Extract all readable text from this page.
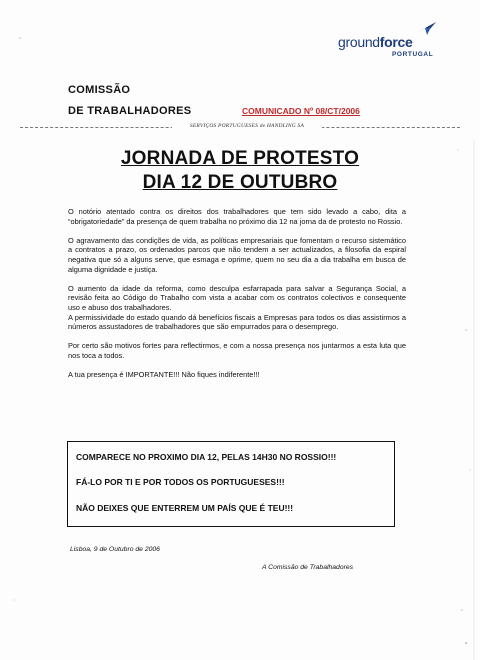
groundforce
PORTUGAL
COMISSÃO
DE TRABALHADORES	COMUNICADO Nº 08/CT/2006
SERVIÇOS PORTUGUESES de HANDLING SA
JORNADA DE PROTESTO
DIA 12 DE OUTUBRO

O notório atentado contra os direitos dos trabalhadores que tem sido levado a cabo, dita a “obrigatoriedade” da presença de quem trabalha no próximo dia 12 na jorna da de protesto no Rossio.

O agravamento das condições de vida, as políticas empresariais que fomentam o recurso sistemático a contratos a prazo, os ordenados parcos que não tendem a ser actualizados, a filosofia da espiral negativa que só a alguns serve, que esmaga e oprime, quem no seu dia a dia trabalha em busca de alguma dignidade e justiça.

O aumento da idade da reforma, como desculpa esfarrapada para salvar a Segurança Social, a revisão feita ao Código do Trabalho com vista a acabar com os contratos colectivos e consequente uso e abuso dos trabalhadores.

A permissividade do estado quando dá benefícios fiscais a Empresas para todos os dias assistirmos a números assustadores de trabalhadores que são empurrados para o desemprego.

Por certo são motivos fortes para reflectirmos, e com a nossa presença nos juntarmos a esta luta que nos toca a todos.

A tua presença é IMPORTANTE!!! Não fiques indiferente!!!

COMPARECE NO PROXIMO DIA 12, PELAS 14H30 NO ROSSIO!!!
FÁ-LO POR TI E POR TODOS OS PORTUGUESES!!!
NÃO DEIXES QUE ENTERREM UM PAÍS QUE É TEU!!!
Lisboa, 9 de Outubro de 2006
A Comissão de Trabalhadores
